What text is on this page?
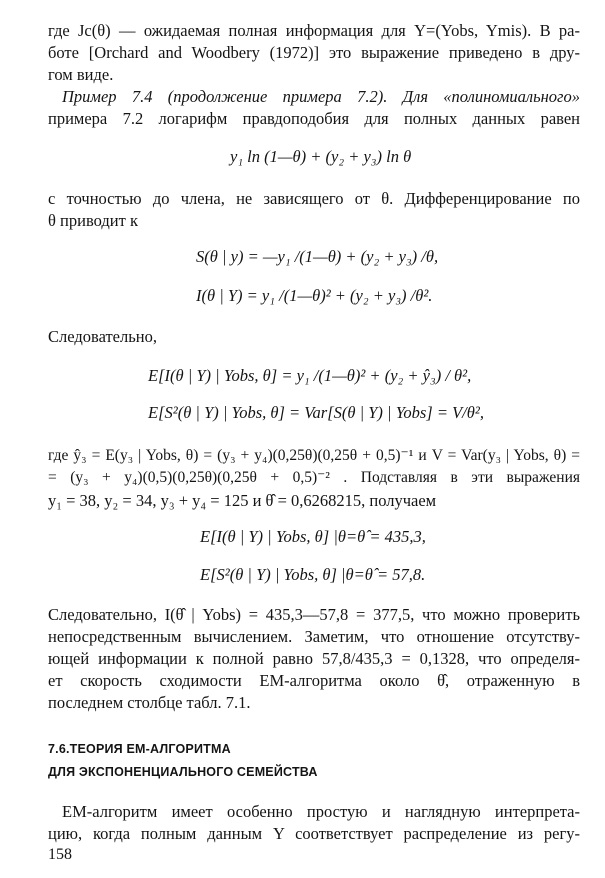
где Jс(θ) — ожидаемая полная информация для Y=(Yobs, Ymis). В ра-
боте [Orchard and Woodbery (1972)] это выражение приведено в дру-
гом виде.
Пример 7.4 (продолжение примера 7.2). Для «полиномиального»
примера 7.2 логарифм правдоподобия для полных данных равен
y₁ ln (1—θ) + (y₂ + y₃) ln θ
с точностью до члена, не зависящего от θ. Дифференцирование по
θ приводит к
S(θ | y) = —y₁ /(1—θ) + (y₂ + y₃) /θ,
I(θ | Y) = y₁ /(1—θ)² + (y₂ + y₃) /θ².
Следовательно,
E[I(θ | Y) | Yobs, θ] = y₁ /(1—θ)² + (y₂ + ŷ₃) / θ²,
E[S²(θ | Y) | Yobs, θ] = Var[S(θ | Y) | Yobs] = V/θ²,
где ŷ₃ = E(y₃ | Yobs, θ) = (y₃ + y₄)(0,25θ)(0,25θ + 0,5)⁻¹ и V = Var(y₃ | Yobs, θ) =
= (y₃ + y₄)(0,5)(0,25θ)(0,25θ + 0,5)⁻² . Подставляя в эти выражения
y₁ = 38, y₂ = 34, y₃ + y₄ = 125 и θ̂ = 0,6268215, получаем
E[I(θ | Y) | Yobs, θ] |θ=θ̂ = 435,3,
E[S²(θ | Y) | Yobs, θ] |θ=θ̂ = 57,8.
Следовательно, I(θ̂ | Yobs) = 435,3—57,8 = 377,5, что можно проверить
непосредственным вычислением. Заметим, что отношение отсутству-
ющей информации к полной равно 57,8/435,3 = 0,1328, что определя-
ет скорость сходимости ЕМ-алгоритма около θ̂, отраженную в
последнем столбце табл. 7.1.
7.6.ТЕОРИЯ ЕМ-АЛГОРИТМА
ДЛЯ ЭКСПОНЕНЦИАЛЬНОГО СЕМЕЙСТВА
ЕМ-алгоритм имеет особенно простую и наглядную интерпрета-
цию, когда полным данным Y соответствует распределение из регу-
158
